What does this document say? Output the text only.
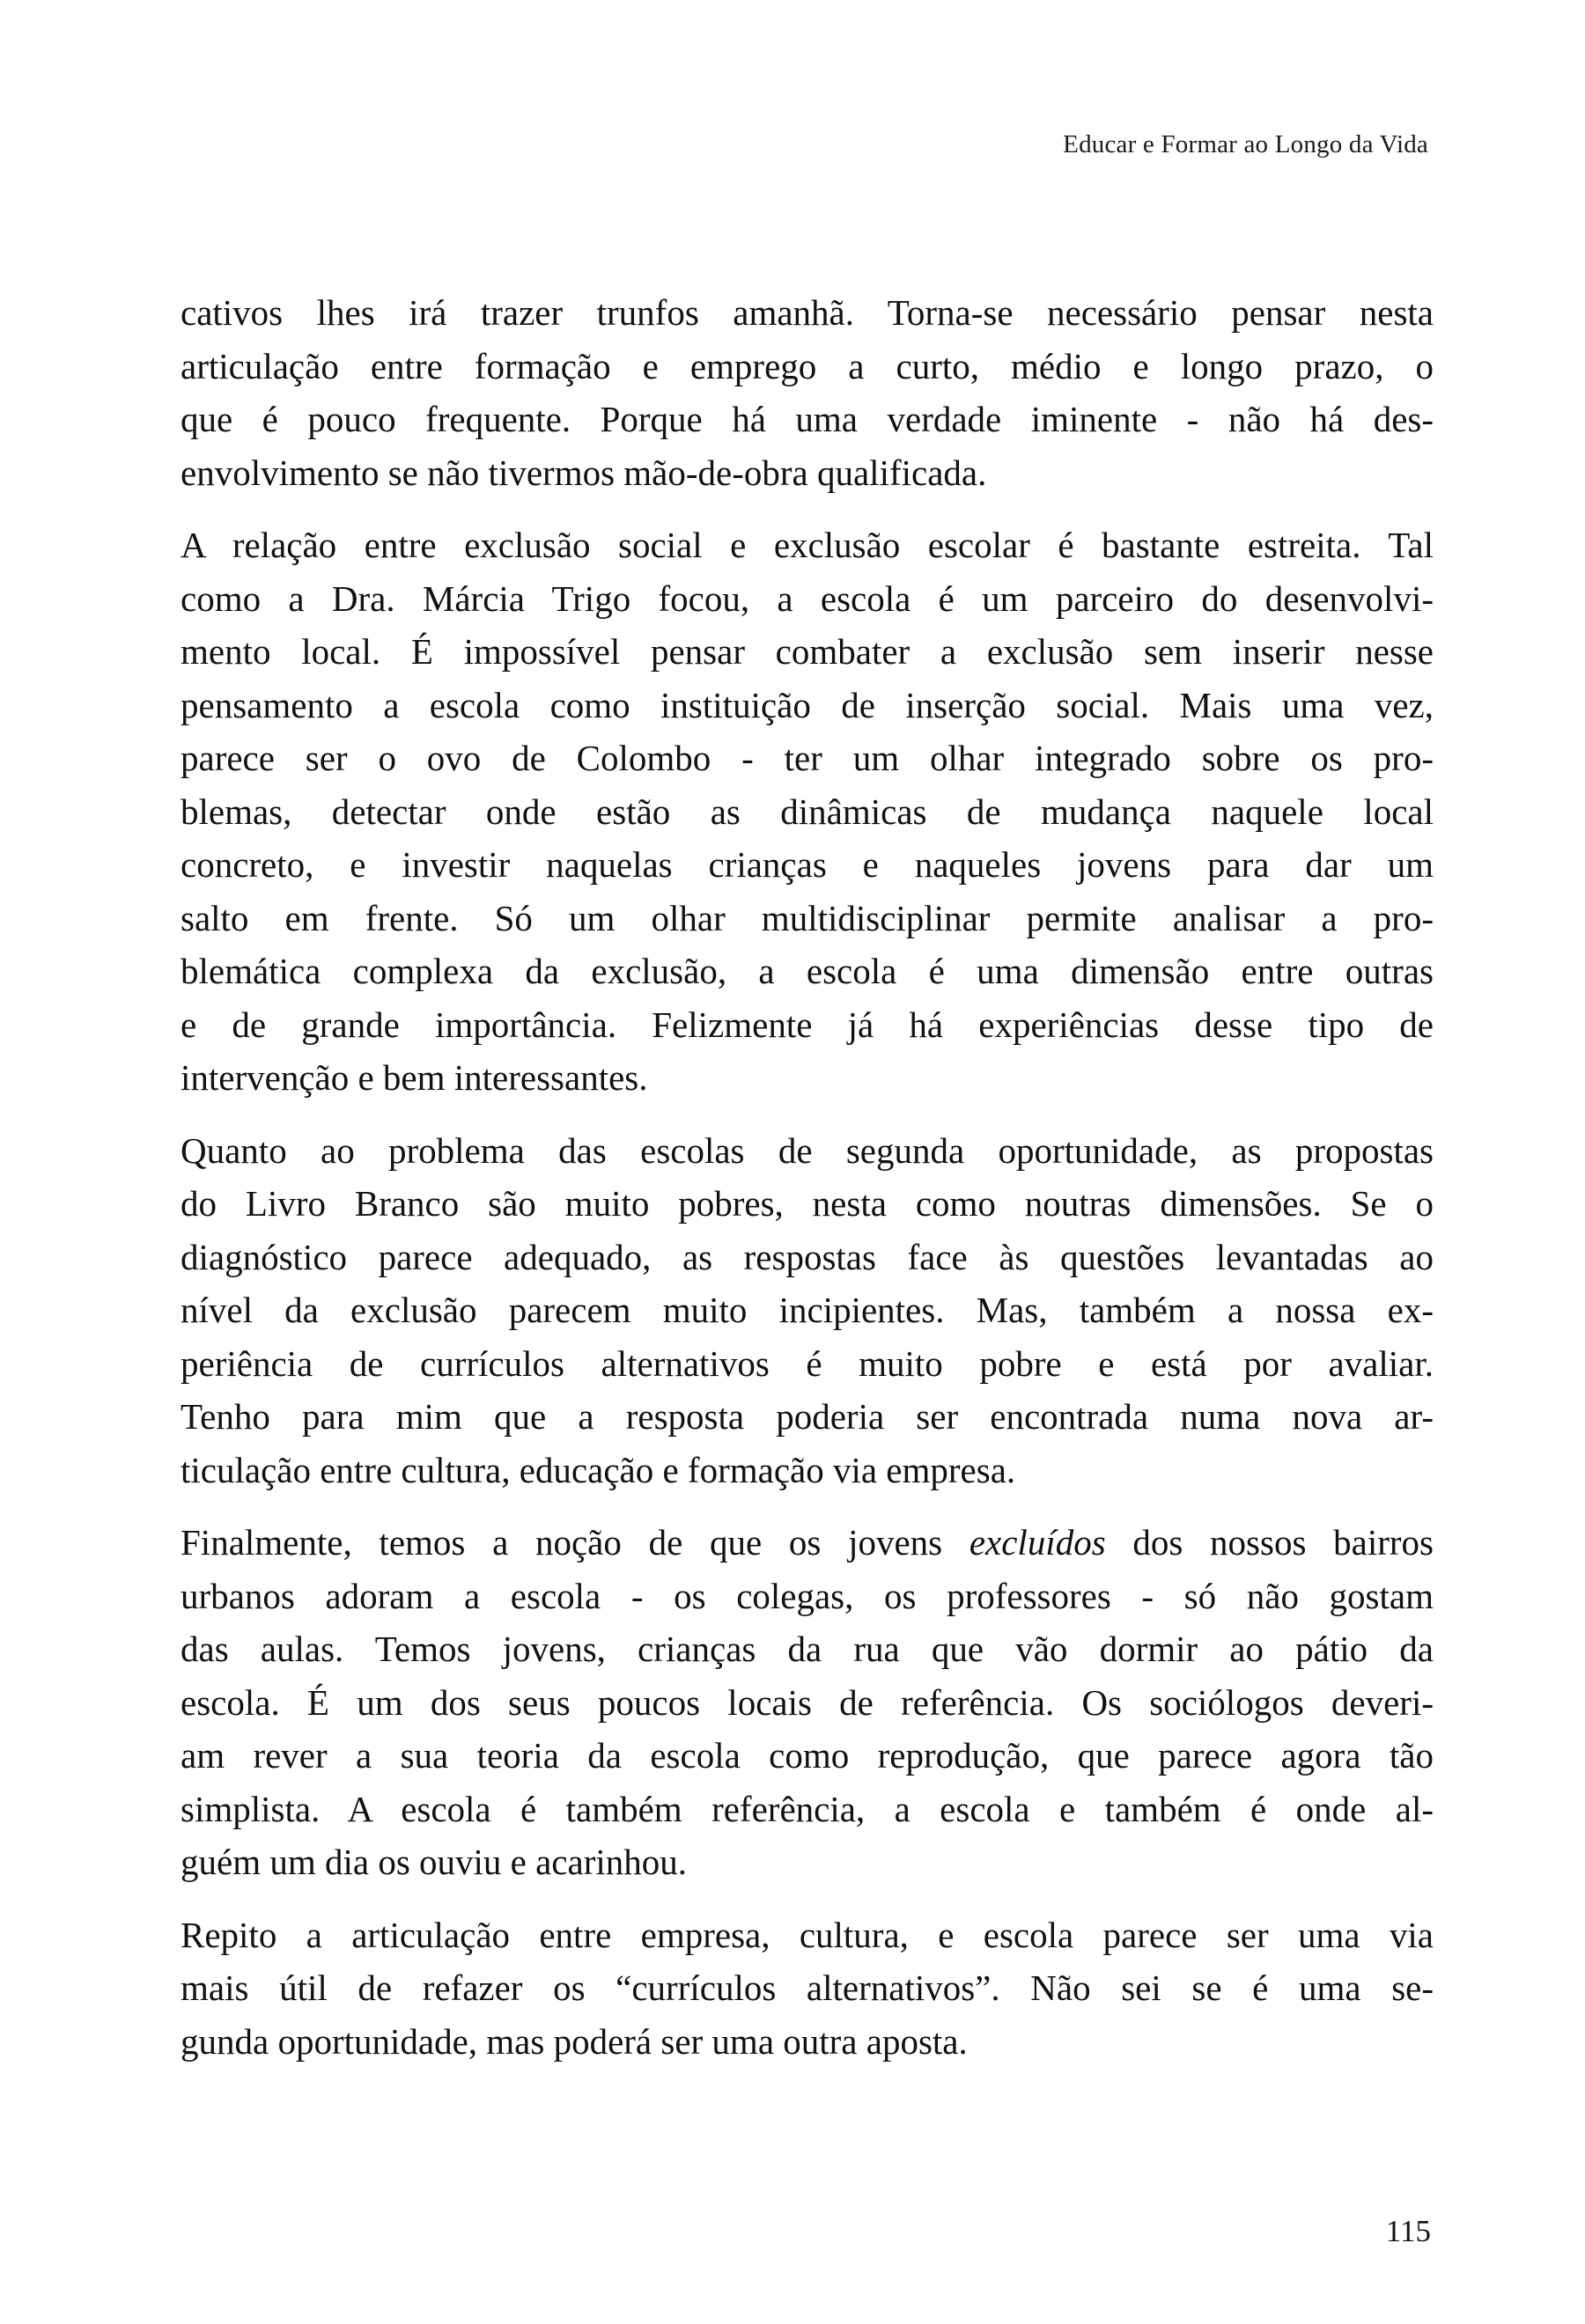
Educar e Formar ao Longo da Vida

cativos lhes irá trazer trunfos amanhã. Torna-se necessário pensar nesta
articulação entre formação e emprego a curto, médio e longo prazo, o
que é pouco frequente. Porque há uma verdade iminente - não há des-
envolvimento se não tivermos mão-de-obra qualificada.

A relação entre exclusão social e exclusão escolar é bastante estreita. Tal
como a Dra. Márcia Trigo focou, a escola é um parceiro do desenvolvi-
mento local. É impossível pensar combater a exclusão sem inserir nesse
pensamento a escola como instituição de inserção social. Mais uma vez,
parece ser o ovo de Colombo - ter um olhar integrado sobre os pro-
blemas, detectar onde estão as dinâmicas de mudança naquele local
concreto, e investir naquelas crianças e naqueles jovens para dar um
salto em frente. Só um olhar multidisciplinar permite analisar a pro-
blemática complexa da exclusão, a escola é uma dimensão entre outras
e de grande importância. Felizmente já há experiências desse tipo de
intervenção e bem interessantes.

Quanto ao problema das escolas de segunda oportunidade, as propostas
do Livro Branco são muito pobres, nesta como noutras dimensões. Se o
diagnóstico parece adequado, as respostas face às questões levantadas ao
nível da exclusão parecem muito incipientes. Mas, também a nossa ex-
periência de currículos alternativos é muito pobre e está por avaliar.
Tenho para mim que a resposta poderia ser encontrada numa nova ar-
ticulação entre cultura, educação e formação via empresa.

Finalmente, temos a noção de que os jovens excluídos dos nossos bairros
urbanos adoram a escola - os colegas, os professores - só não gostam
das aulas. Temos jovens, crianças da rua que vão dormir ao pátio da
escola. É um dos seus poucos locais de referência. Os sociólogos deveri-
am rever a sua teoria da escola como reprodução, que parece agora tão
simplista. A escola é também referência, a escola e também é onde al-
guém um dia os ouviu e acarinhou.

Repito a articulação entre empresa, cultura, e escola parece ser uma via
mais útil de refazer os “currículos alternativos”. Não sei se é uma se-
gunda oportunidade, mas poderá ser uma outra aposta.

115
